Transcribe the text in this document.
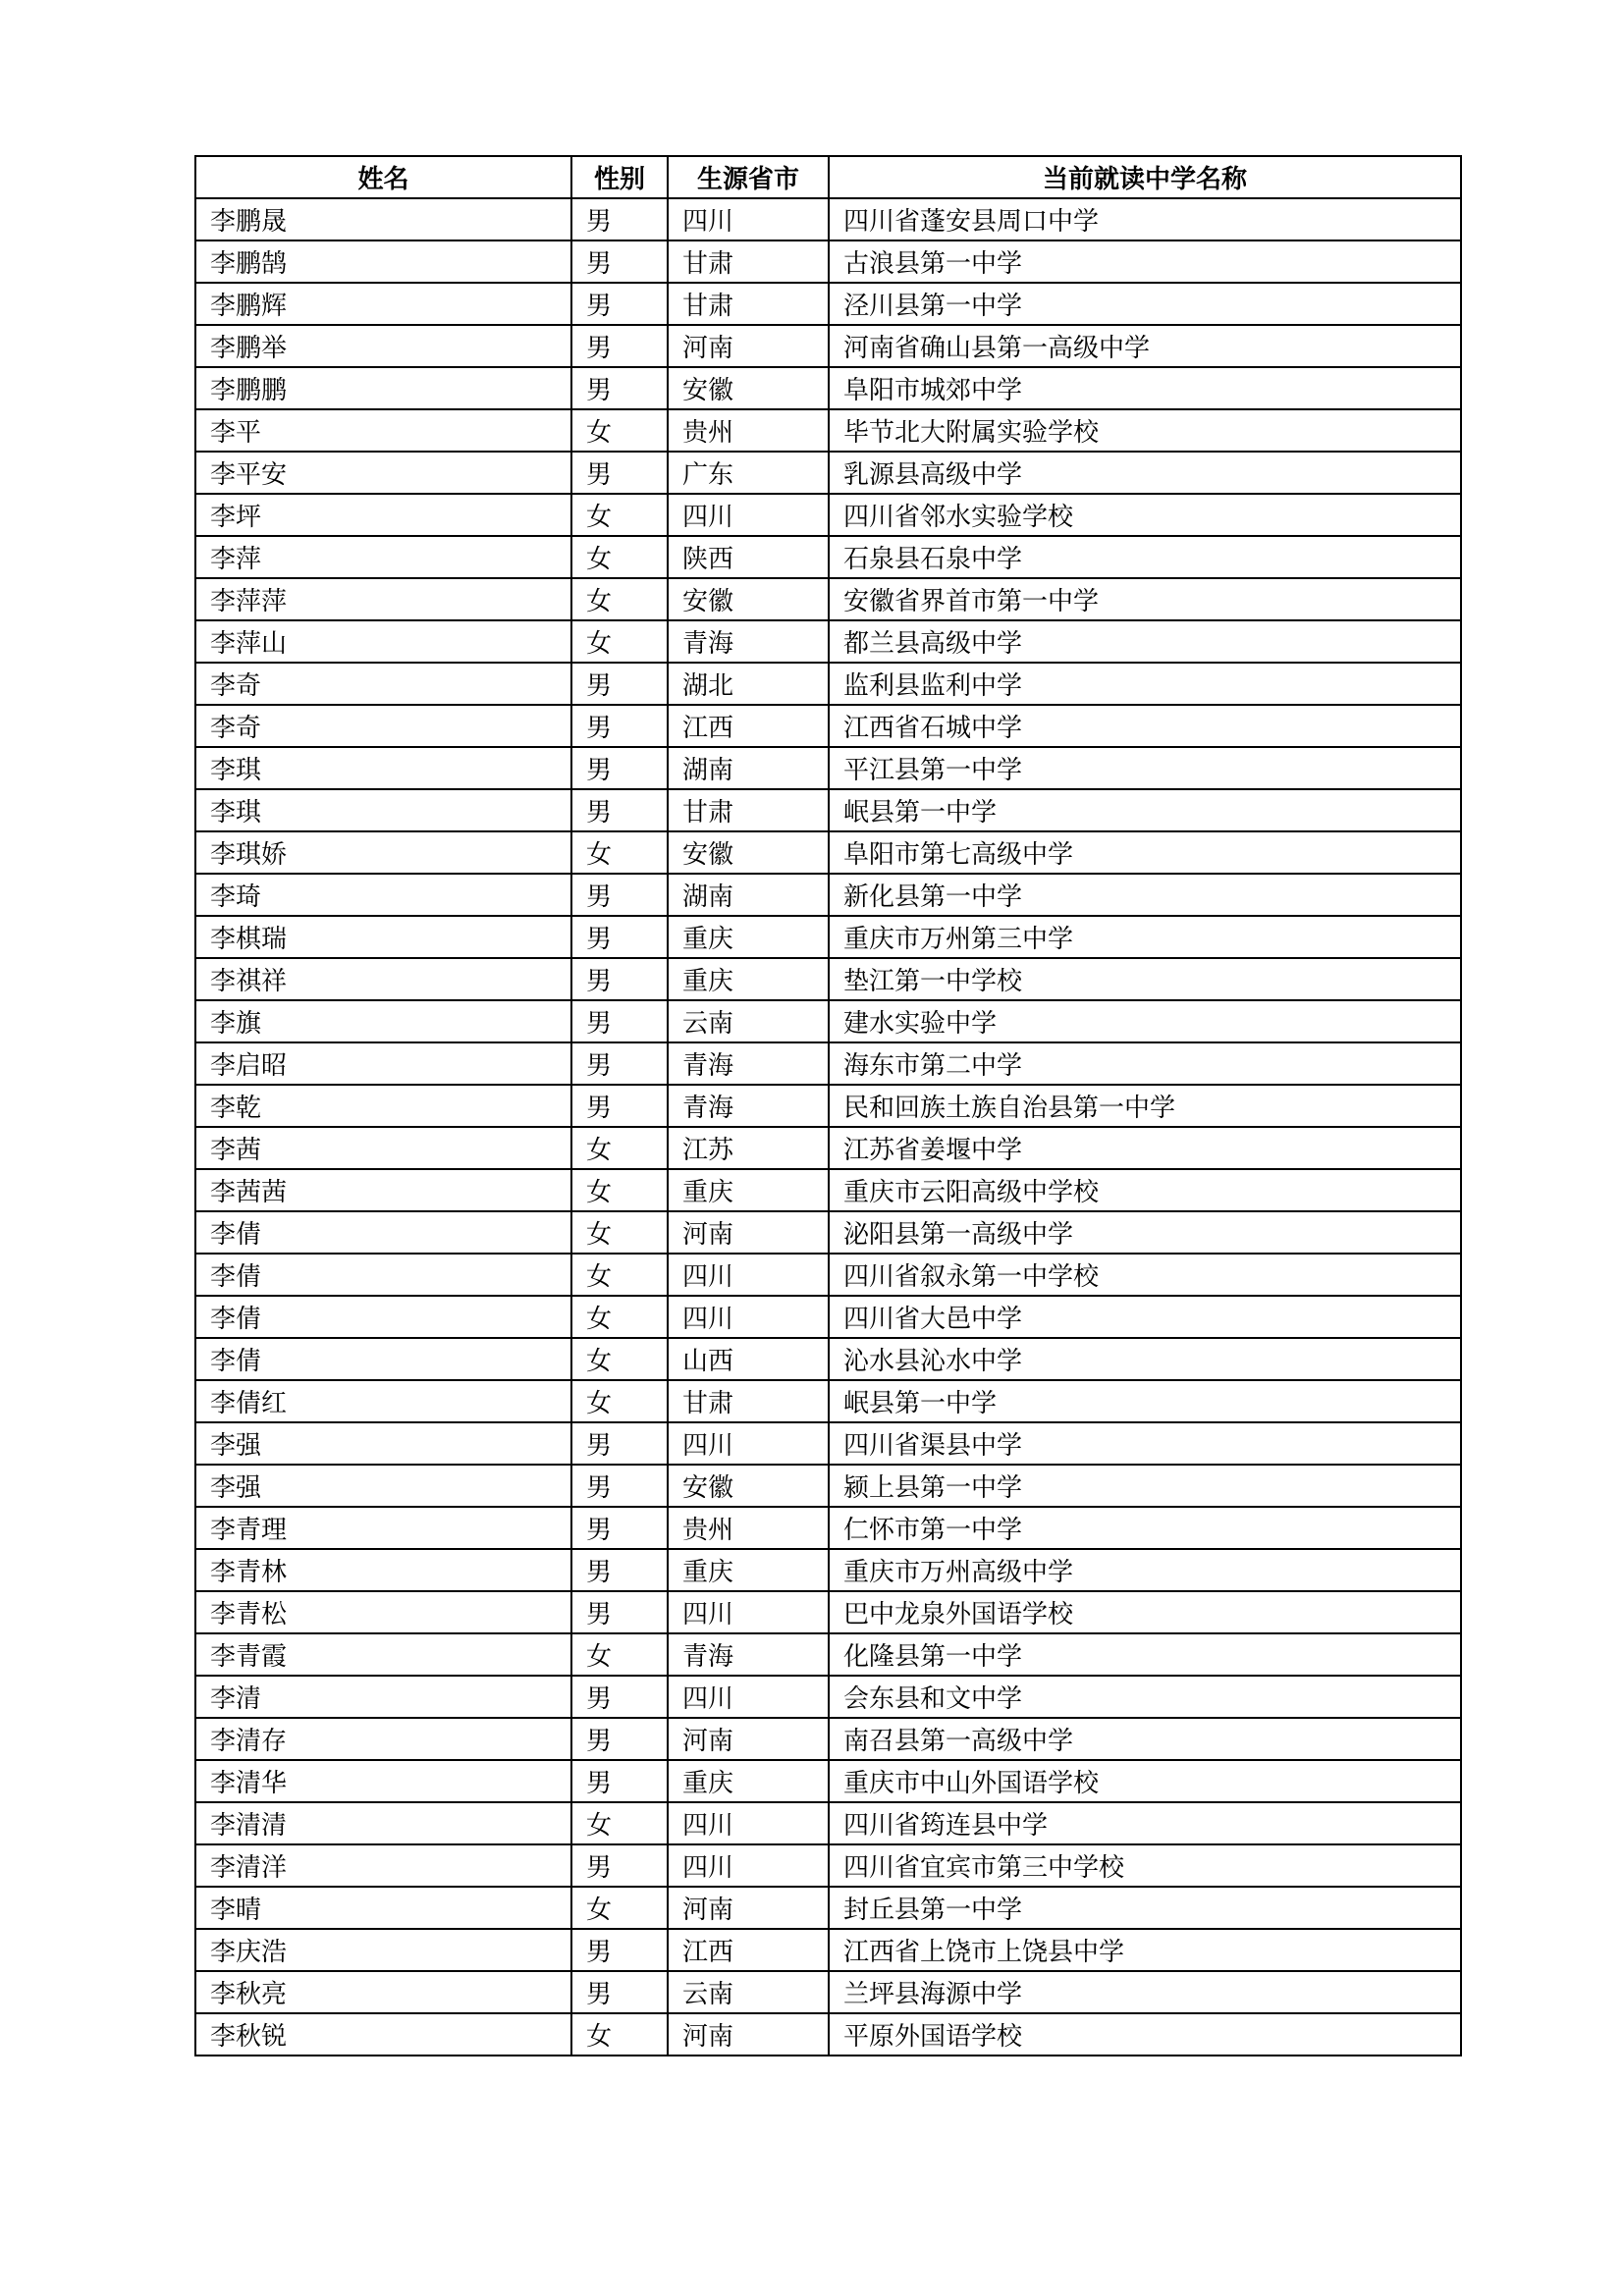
姓名	性别	生源省市	当前就读中学名称
李鹏晟	男	四川	四川省蓬安县周口中学
李鹏鹄	男	甘肃	古浪县第一中学
李鹏辉	男	甘肃	泾川县第一中学
李鹏举	男	河南	河南省确山县第一高级中学
李鹏鹏	男	安徽	阜阳市城郊中学
李平	女	贵州	毕节北大附属实验学校
李平安	男	广东	乳源县高级中学
李坪	女	四川	四川省邻水实验学校
李萍	女	陕西	石泉县石泉中学
李萍萍	女	安徽	安徽省界首市第一中学
李萍山	女	青海	都兰县高级中学
李奇	男	湖北	监利县监利中学
李奇	男	江西	江西省石城中学
李琪	男	湖南	平江县第一中学
李琪	男	甘肃	岷县第一中学
李琪娇	女	安徽	阜阳市第七高级中学
李琦	男	湖南	新化县第一中学
李棋瑞	男	重庆	重庆市万州第三中学
李祺祥	男	重庆	垫江第一中学校
李旗	男	云南	建水实验中学
李启昭	男	青海	海东市第二中学
李乾	男	青海	民和回族土族自治县第一中学
李茜	女	江苏	江苏省姜堰中学
李茜茜	女	重庆	重庆市云阳高级中学校
李倩	女	河南	泌阳县第一高级中学
李倩	女	四川	四川省叙永第一中学校
李倩	女	四川	四川省大邑中学
李倩	女	山西	沁水县沁水中学
李倩红	女	甘肃	岷县第一中学
李强	男	四川	四川省渠县中学
李强	男	安徽	颍上县第一中学
李青理	男	贵州	仁怀市第一中学
李青林	男	重庆	重庆市万州高级中学
李青松	男	四川	巴中龙泉外国语学校
李青霞	女	青海	化隆县第一中学
李清	男	四川	会东县和文中学
李清存	男	河南	南召县第一高级中学
李清华	男	重庆	重庆市中山外国语学校
李清清	女	四川	四川省筠连县中学
李清洋	男	四川	四川省宜宾市第三中学校
李晴	女	河南	封丘县第一中学
李庆浩	男	江西	江西省上饶市上饶县中学
李秋亮	男	云南	兰坪县海源中学
李秋锐	女	河南	平原外国语学校
